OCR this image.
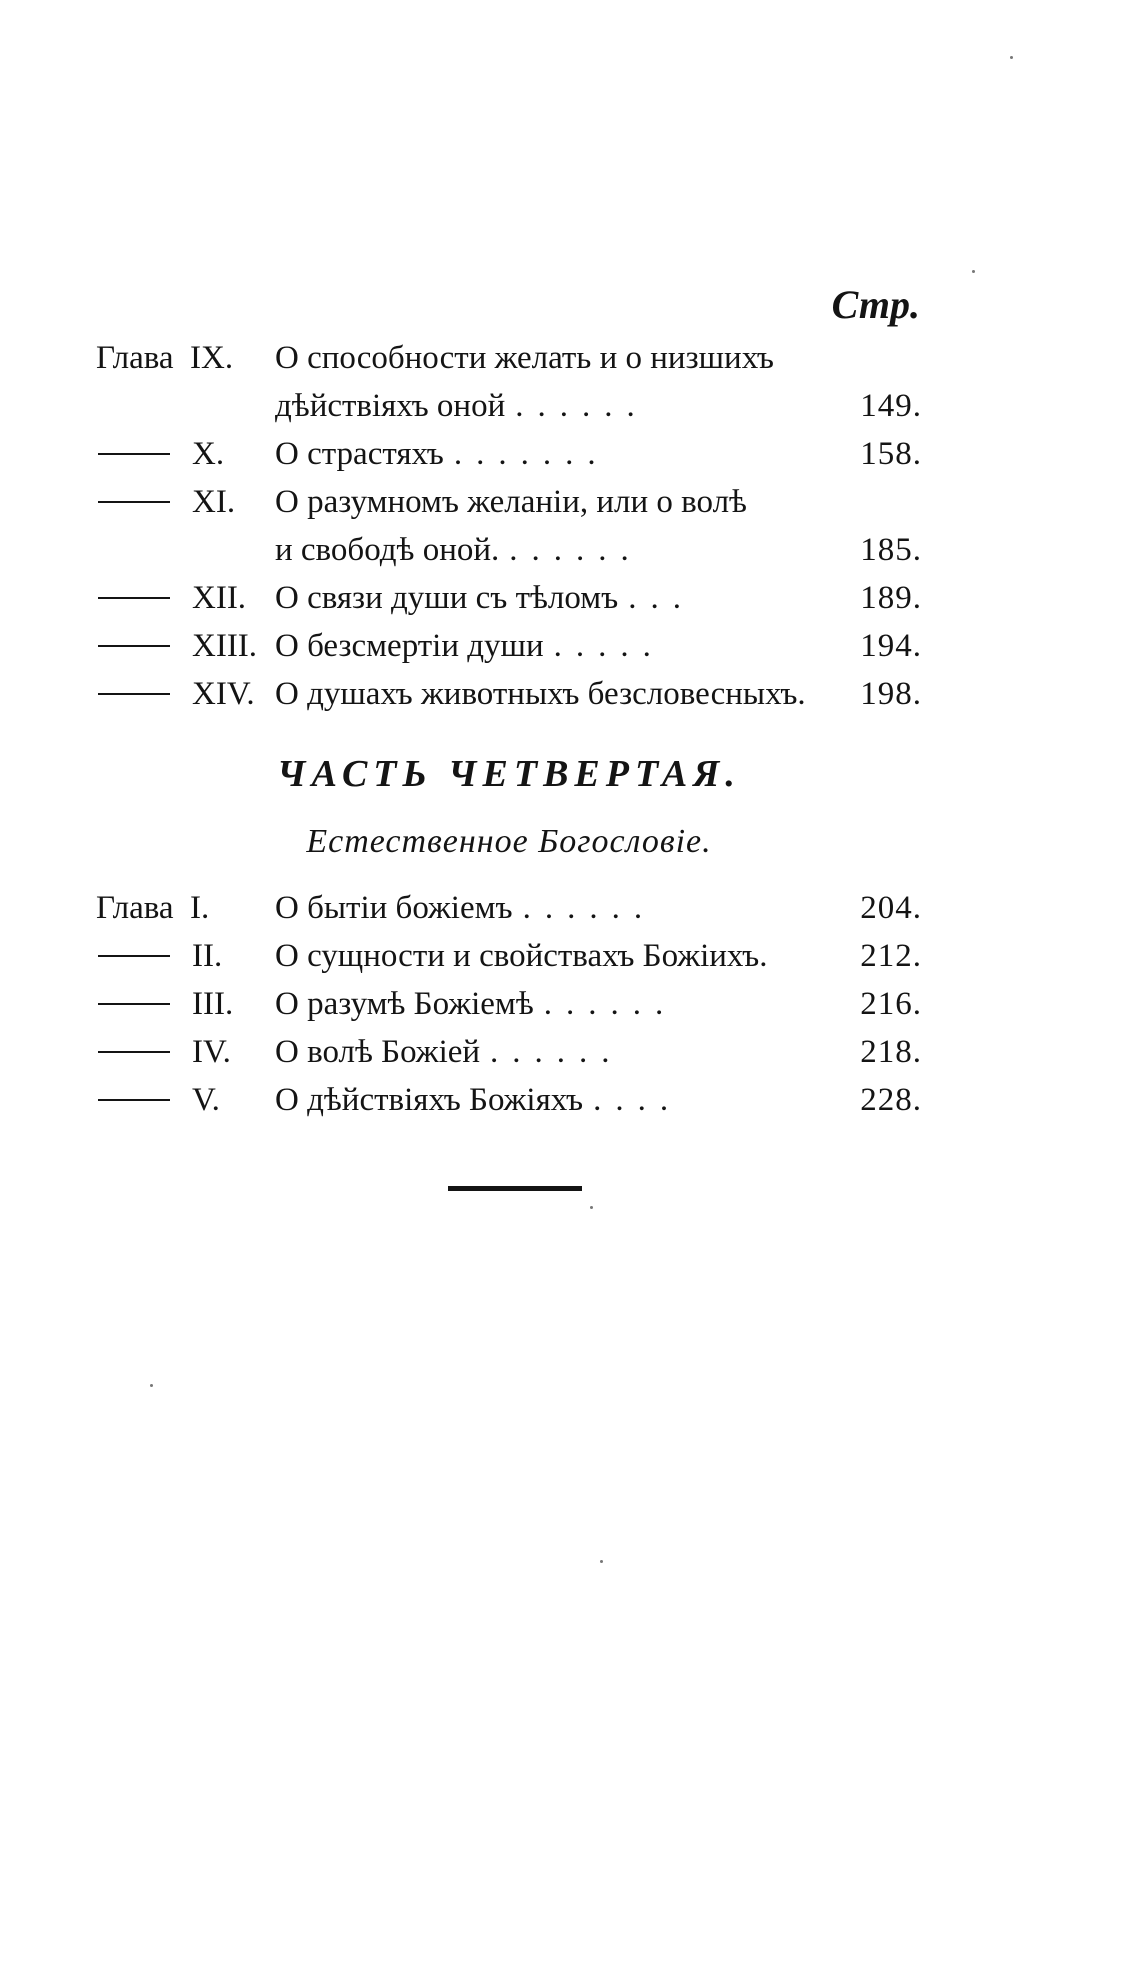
Стр.
Глава IX. О способности желать и о низшихъ
дѣйствіяхъ оной ......	149.
X. О страстяхъ .......	158.
XI. О разумномъ желаніи, или о волѣ
и свободѣ оной. ......	185.
XII. О связи души съ тѣломъ ...	189.
XIII. О безсмертіи души .....	194.
XIV. О душахъ животныхъ безсловесныхъ.	198.
ЧАСТЬ ЧЕТВЕРТАЯ.
Естественное Богословіе.
Глава I. О бытіи божіемъ ......	204.
II. О сущности и свойствахъ Божіихъ.	212.
III. О разумѣ Божіемѣ ......	216.
IV. О волѣ Божіей ......	218.
V. О дѣйствіяхъ Божіяхъ ....	228.
